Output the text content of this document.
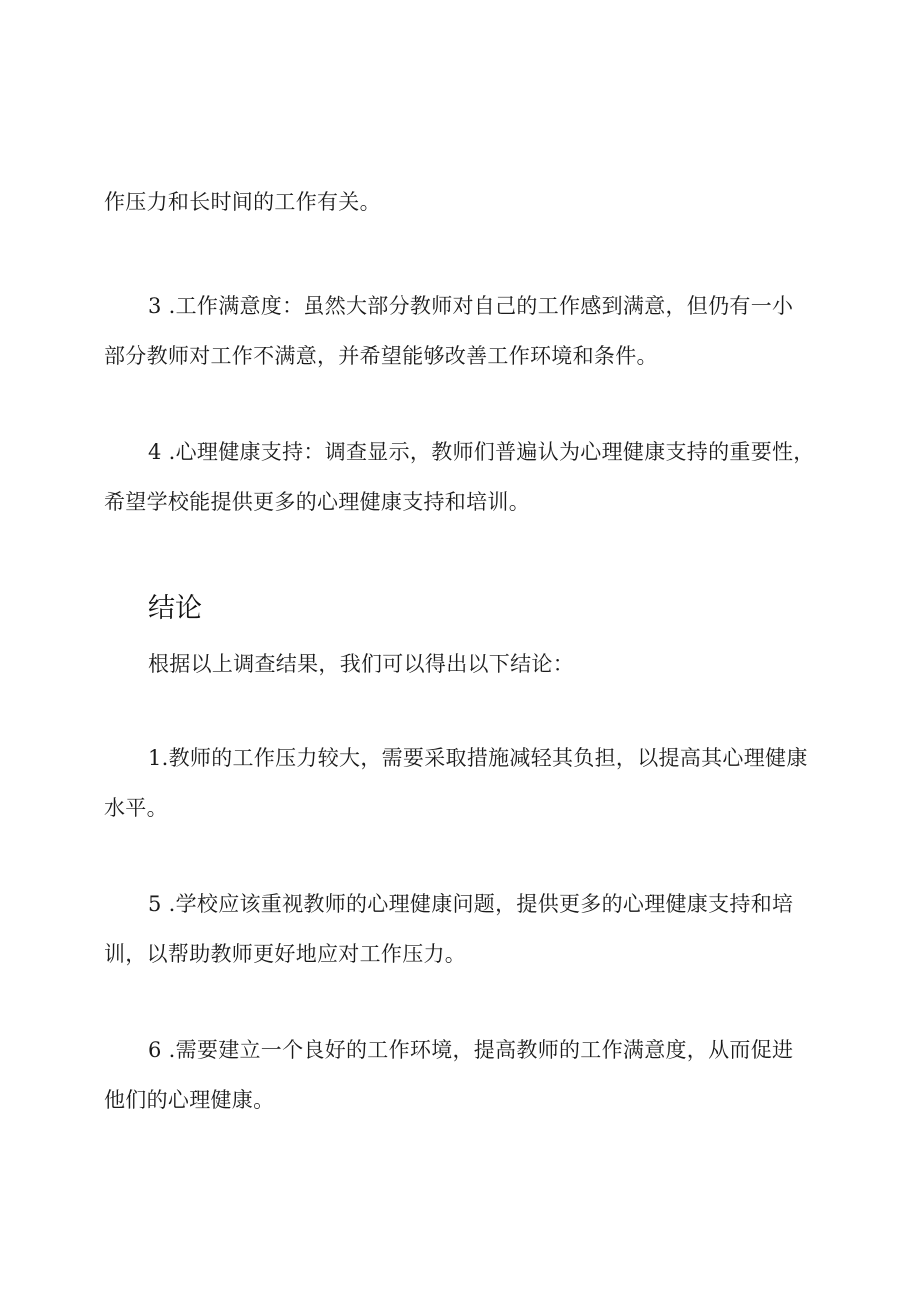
作压力和长时间的工作有关。
3 .工作满意度：虽然大部分教师对自己的工作感到满意，但仍有一小
部分教师对工作不满意，并希望能够改善工作环境和条件。
4 .心理健康支持：调查显示，教师们普遍认为心理健康支持的重要性，
希望学校能提供更多的心理健康支持和培训。
结论
根据以上调查结果，我们可以得出以下结论：
1.教师的工作压力较大，需要采取措施减轻其负担，以提高其心理健康
水平。
5 .学校应该重视教师的心理健康问题，提供更多的心理健康支持和培
训，以帮助教师更好地应对工作压力。
6 .需要建立一个良好的工作环境，提高教师的工作满意度，从而促进
他们的心理健康。
